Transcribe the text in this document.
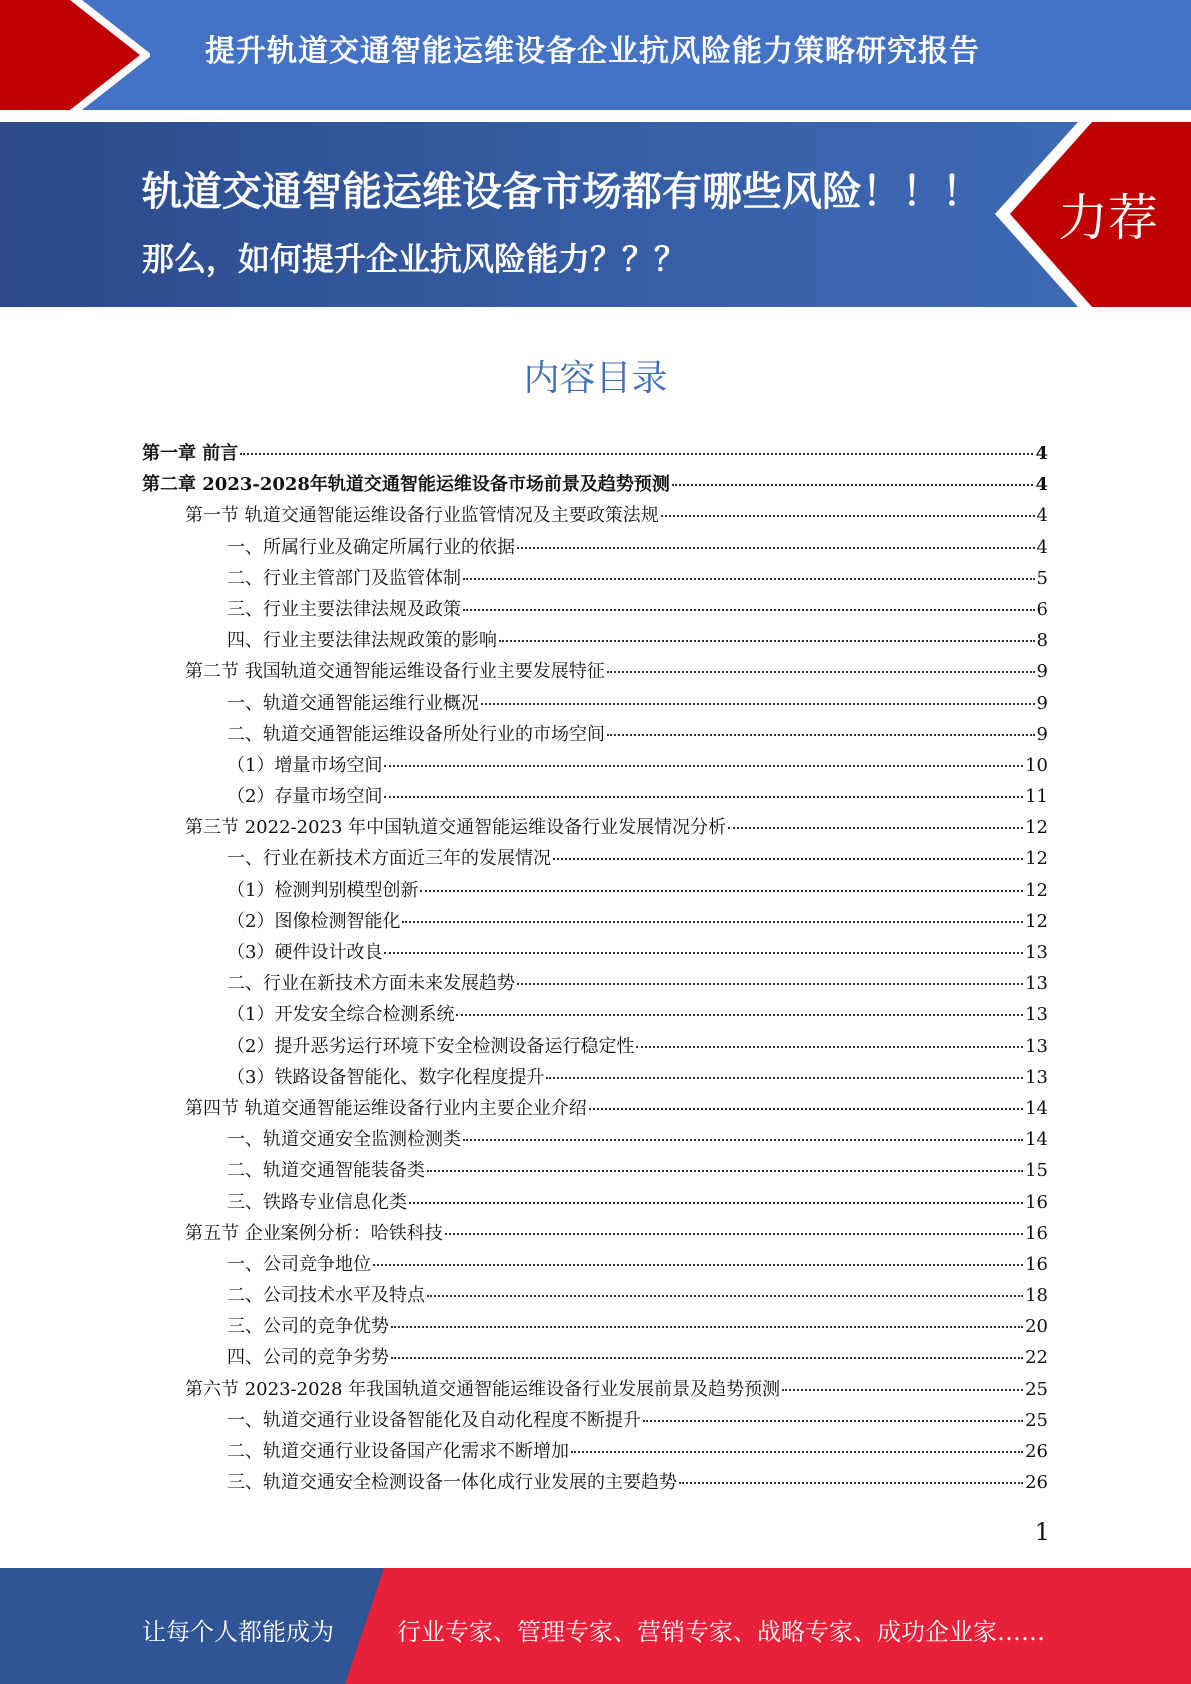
提升轨道交通智能运维设备企业抗风险能力策略研究报告
轨道交通智能运维设备市场都有哪些风险！！！
那么，如何提升企业抗风险能力？？？
力荐
内容目录
第一章 前言	4
第二章 2023-2028年轨道交通智能运维设备市场前景及趋势预测	4
第一节 轨道交通智能运维设备行业监管情况及主要政策法规	4
一、所属行业及确定所属行业的依据	4
二、行业主管部门及监管体制	5
三、行业主要法律法规及政策	6
四、行业主要法律法规政策的影响	8
第二节 我国轨道交通智能运维设备行业主要发展特征	9
一、轨道交通智能运维行业概况	9
二、轨道交通智能运维设备所处行业的市场空间	9
（1）增量市场空间	10
（2）存量市场空间	11
第三节 2022-2023 年中国轨道交通智能运维设备行业发展情况分析	12
一、行业在新技术方面近三年的发展情况	12
（1）检测判别模型创新	12
（2）图像检测智能化	12
（3）硬件设计改良	13
二、行业在新技术方面未来发展趋势	13
（1）开发安全综合检测系统	13
（2）提升恶劣运行环境下安全检测设备运行稳定性	13
（3）铁路设备智能化、数字化程度提升	13
第四节 轨道交通智能运维设备行业内主要企业介绍	14
一、轨道交通安全监测检测类	14
二、轨道交通智能装备类	15
三、铁路专业信息化类	16
第五节 企业案例分析：哈铁科技	16
一、公司竞争地位	16
二、公司技术水平及特点	18
三、公司的竞争优势	20
四、公司的竞争劣势	22
第六节 2023-2028 年我国轨道交通智能运维设备行业发展前景及趋势预测	25
一、轨道交通行业设备智能化及自动化程度不断提升	25
二、轨道交通行业设备国产化需求不断增加	26
三、轨道交通安全检测设备一体化成行业发展的主要趋势	26
1
让每个人都能成为	行业专家、管理专家、营销专家、战略专家、成功企业家……
